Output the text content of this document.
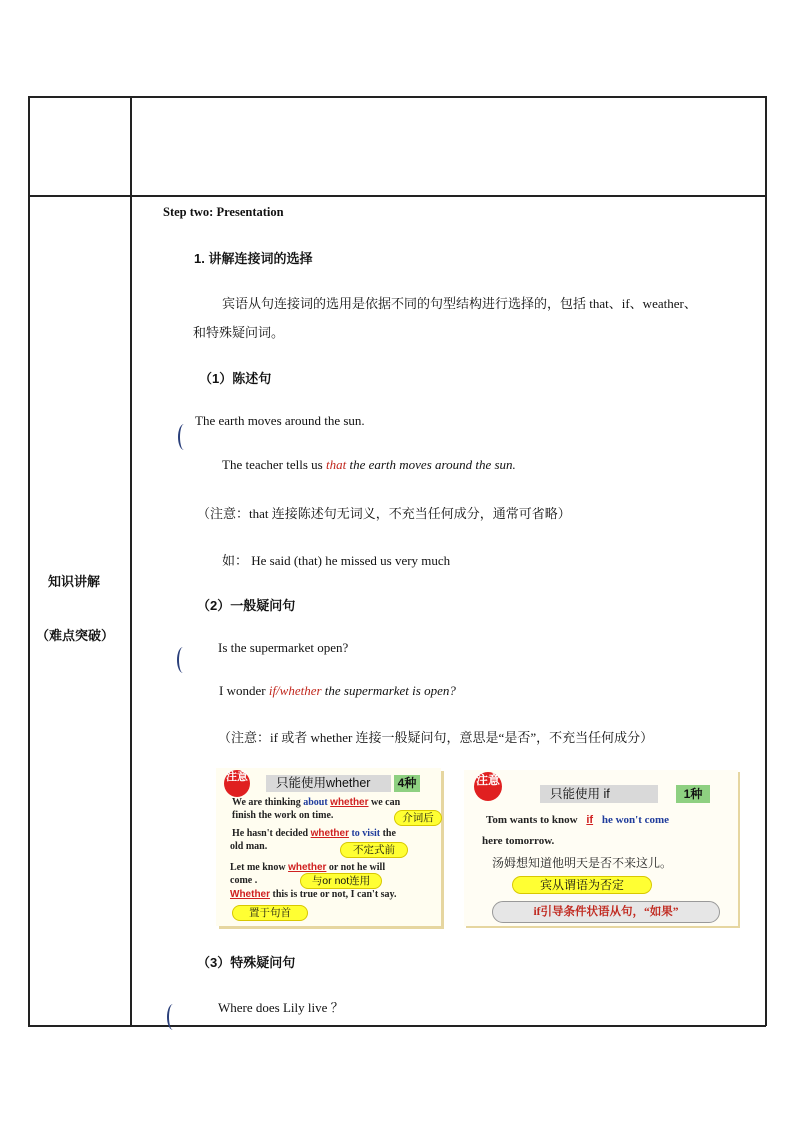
知识讲解
（难点突破）
Step two: Presentation
1. 讲解连接词的选择
宾语从句连接词的选用是依据不同的句型结构进行选择的，包括 that、if、weather、
和特殊疑问词。
（1）陈述句
The earth moves around the sun.
The teacher tells us that the earth moves around the sun.
（注意：that 连接陈述句无词义，不充当任何成分，通常可省略）
如： He said (that) he missed us very much
（2）一般疑问句
Is the supermarket open?
I wonder if/whether the supermarket is open?
（注意：if 或者 whether 连接一般疑问句，意思是“是否”，不充当任何成分）
注意	只能使用whether	4种
We are thinking about whether we can
finish the work on time.	介词后
He hasn't decided whether to visit the
old man.	不定式前
Let me know whether or not he will
come .	与or not连用
Whether this is true or not, I can't say.
置于句首
注意
只能使用 if	1种
Tom wants to know if he won't come
here tomorrow.
汤姆想知道他明天是否不来这儿。
宾从谓语为否定
if引导条件状语从句，“如果”
（3）特殊疑问句
Where does Lily live ？
